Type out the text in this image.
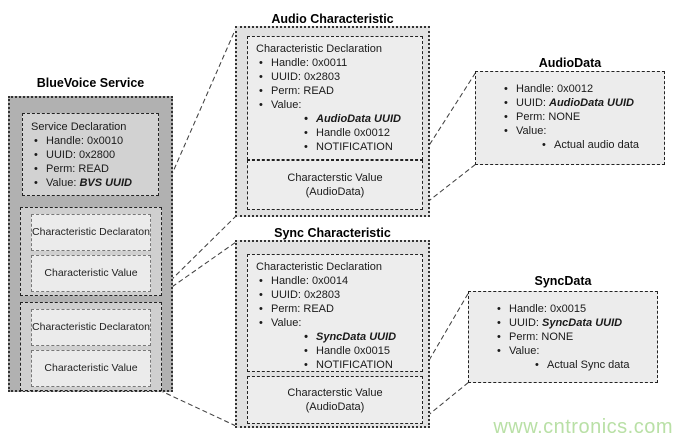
BlueVoice Service
Service Declaration
• Handle: 0x0010
• UUID: 0x2800
• Perm: READ
• Value: BVS UUID
Characteristic Declaraton
Characteristic Value
Characteristic Declaraton
Characteristic Value
Audio Characteristic
Characteristic Declaration
• Handle: 0x0011
• UUID: 0x2803
• Perm: READ
• Value:
• AudioData UUID
• Handle 0x0012
• NOTIFICATION
Characterstic Value
(AudioData)
Sync Characteristic
Characteristic Declaration
• Handle: 0x0014
• UUID: 0x2803
• Perm: READ
• Value:
• SyncData UUID
• Handle 0x0015
• NOTIFICATION
Characterstic Value
(AudioData)
AudioData
• Handle: 0x0012
• UUID: AudioData UUID
• Perm: NONE
• Value:
• Actual audio data
SyncData
• Handle: 0x0015
• UUID: SyncData UUID
• Perm: NONE
• Value:
• Actual Sync data
www.cntronics.com
